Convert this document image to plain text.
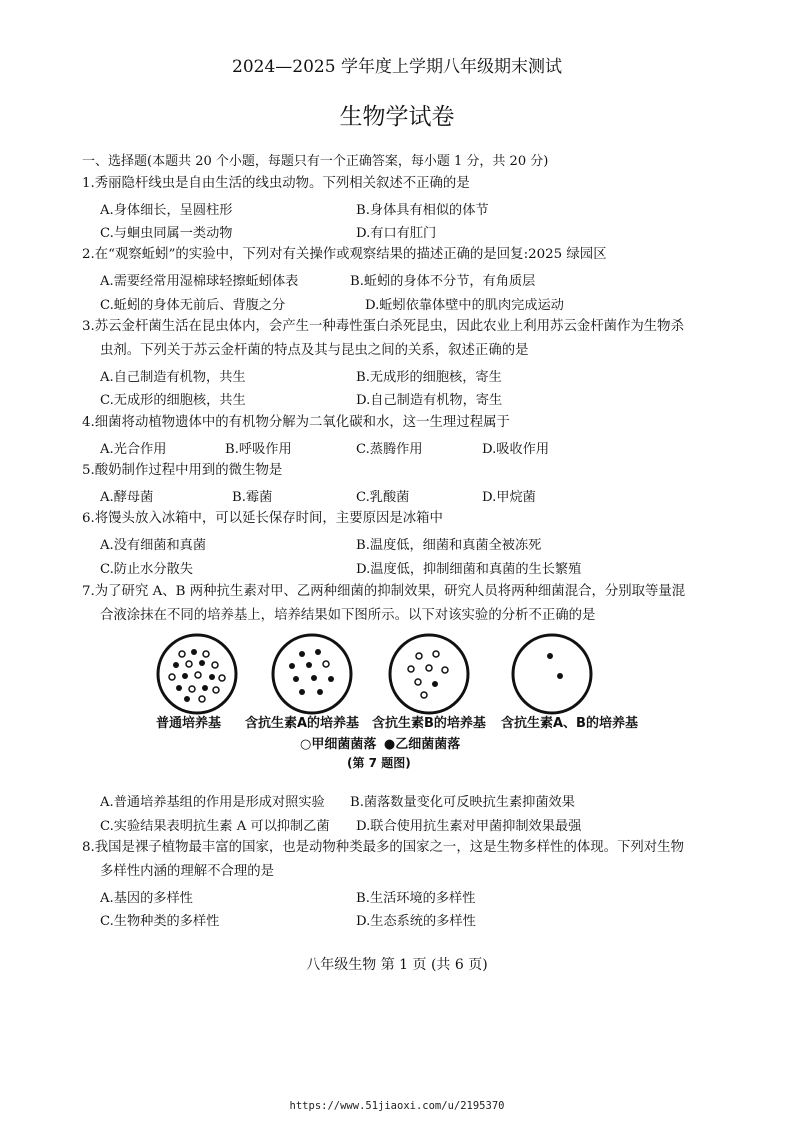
2024—2025 学年度上学期八年级期末测试
生物学试卷
一、选择题(本题共 20 个小题，每题只有一个正确答案，每小题 1 分，共 20 分)
1.秀丽隐杆线虫是自由生活的线虫动物。下列相关叙述不正确的是
A.身体细长，呈圆柱形	B.身体具有相似的体节
C.与蛔虫同属一类动物	D.有口有肛门
2.在“观察蚯蚓”的实验中，下列对有关操作或观察结果的描述正确的是回复:2025 绿园区
A.需要经常用湿棉球轻擦蚯蚓体表	B.蚯蚓的身体不分节，有角质层
C.蚯蚓的身体无前后、背腹之分	D.蚯蚓依靠体壁中的肌肉完成运动
3.苏云金杆菌生活在昆虫体内，会产生一种毒性蛋白杀死昆虫，因此农业上利用苏云金杆菌作为生物杀
虫剂。下列关于苏云金杆菌的特点及其与昆虫之间的关系，叙述正确的是
A.自己制造有机物，共生	B.无成形的细胞核，寄生
C.无成形的细胞核，共生	D.自己制造有机物，寄生
4.细菌将动植物遗体中的有机物分解为二氧化碳和水，这一生理过程属于
A.光合作用	B.呼吸作用	C.蒸腾作用	D.吸收作用
5.酸奶制作过程中用到的微生物是
A.酵母菌	B.霉菌	C.乳酸菌	D.甲烷菌
6.将馒头放入冰箱中，可以延长保存时间，主要原因是冰箱中
A.没有细菌和真菌	B.温度低，细菌和真菌全被冻死
C.防止水分散失	D.温度低，抑制细菌和真菌的生长繁殖
7.为了研究 A、B 两种抗生素对甲、乙两种细菌的抑制效果，研究人员将两种细菌混合，分别取等量混
合液涂抹在不同的培养基上，培养结果如下图所示。以下对该实验的分析不正确的是
普通培养基 含抗生素A的培养基 含抗生素B的培养基 含抗生素A、B的培养基
○甲细菌菌落 ●乙细菌菌落
(第 7 题图)
A.普通培养基组的作用是形成对照实验 B.菌落数量变化可反映抗生素抑菌效果
C.实验结果表明抗生素 A 可以抑制乙菌 D.联合使用抗生素对甲菌抑制效果最强
8.我国是裸子植物最丰富的国家，也是动物种类最多的国家之一，这是生物多样性的体现。下列对生物
多样性内涵的理解不合理的是
A.基因的多样性	B.生活环境的多样性
C.生物种类的多样性	D.生态系统的多样性
八年级生物 第 1 页 (共 6 页)
https://www.51jiaoxi.com/u/2195370
